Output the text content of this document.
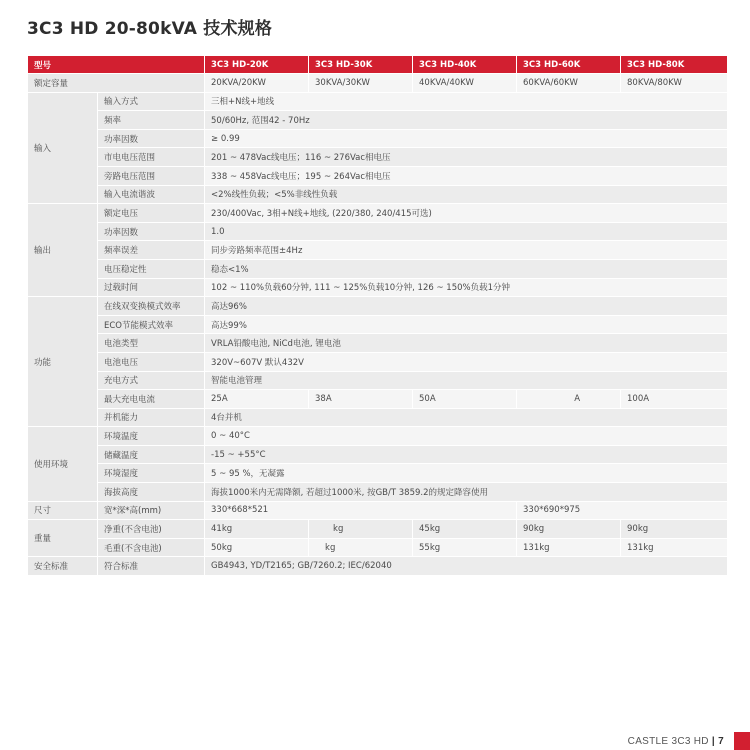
3C3 HD 20-80kVA 技术规格
型号		3C3 HD-20K	3C3 HD-30K	3C3 HD-40K	3C3 HD-60K	3C3 HD-80K
额定容量		20KVA/20KW	30KVA/30KW	40KVA/40KW	60KVA/60KW	80KVA/80KW
输入	输入方式	三相+N线+地线				
	频率	50/60Hz, 范围42 - 70Hz				
	功率因数	≥ 0.99				
	市电电压范围	201 ~ 478Vac线电压；116 ~ 276Vac相电压				
	旁路电压范围	338 ~ 458Vac线电压；195 ~ 264Vac相电压				
	输入电流谐波	<2%线性负载；<5%非线性负载				
输出	额定电压	230/400Vac, 3相+N线+地线, (220/380, 240/415可选)				
	功率因数	1.0				
	频率误差	同步旁路频率范围±4Hz				
	电压稳定性	稳态<1%				
	过载时间	102 ~ 110%负载60分钟, 111 ~ 125%负载10分钟, 126 ~ 150%负载1分钟				
功能	在线双变换模式效率	高达96%				
	ECO节能模式效率	高达99%				
	电池类型	VRLA铅酸电池, NiCd电池, 锂电池				
	电池电压	320V~607V 默认432V				
	充电方式	智能电池管理				
	最大充电电流	25A	38A	50A	A	100A
	并机能力	4台并机				
使用环境	环境温度	0 ~ 40°C				
	储藏温度	-15 ~ +55°C				
	环境湿度	5 ~ 95 %，无凝露				
	海拔高度	海拔1000米内无需降额, 若超过1000米, 按GB/T 3859.2的规定降容使用				
尺寸	宽*深*高(mm)	330*668*521			330*690*975	
重量	净重(不含电池)	41kg	kg	45kg	90kg	90kg
	毛重(不含电池)	50kg	kg	55kg	131kg	131kg
安全标准	符合标准	GB4943, YD/T2165; GB/7260.2; IEC/62040				
CASTLE 3C3 HD | 7
